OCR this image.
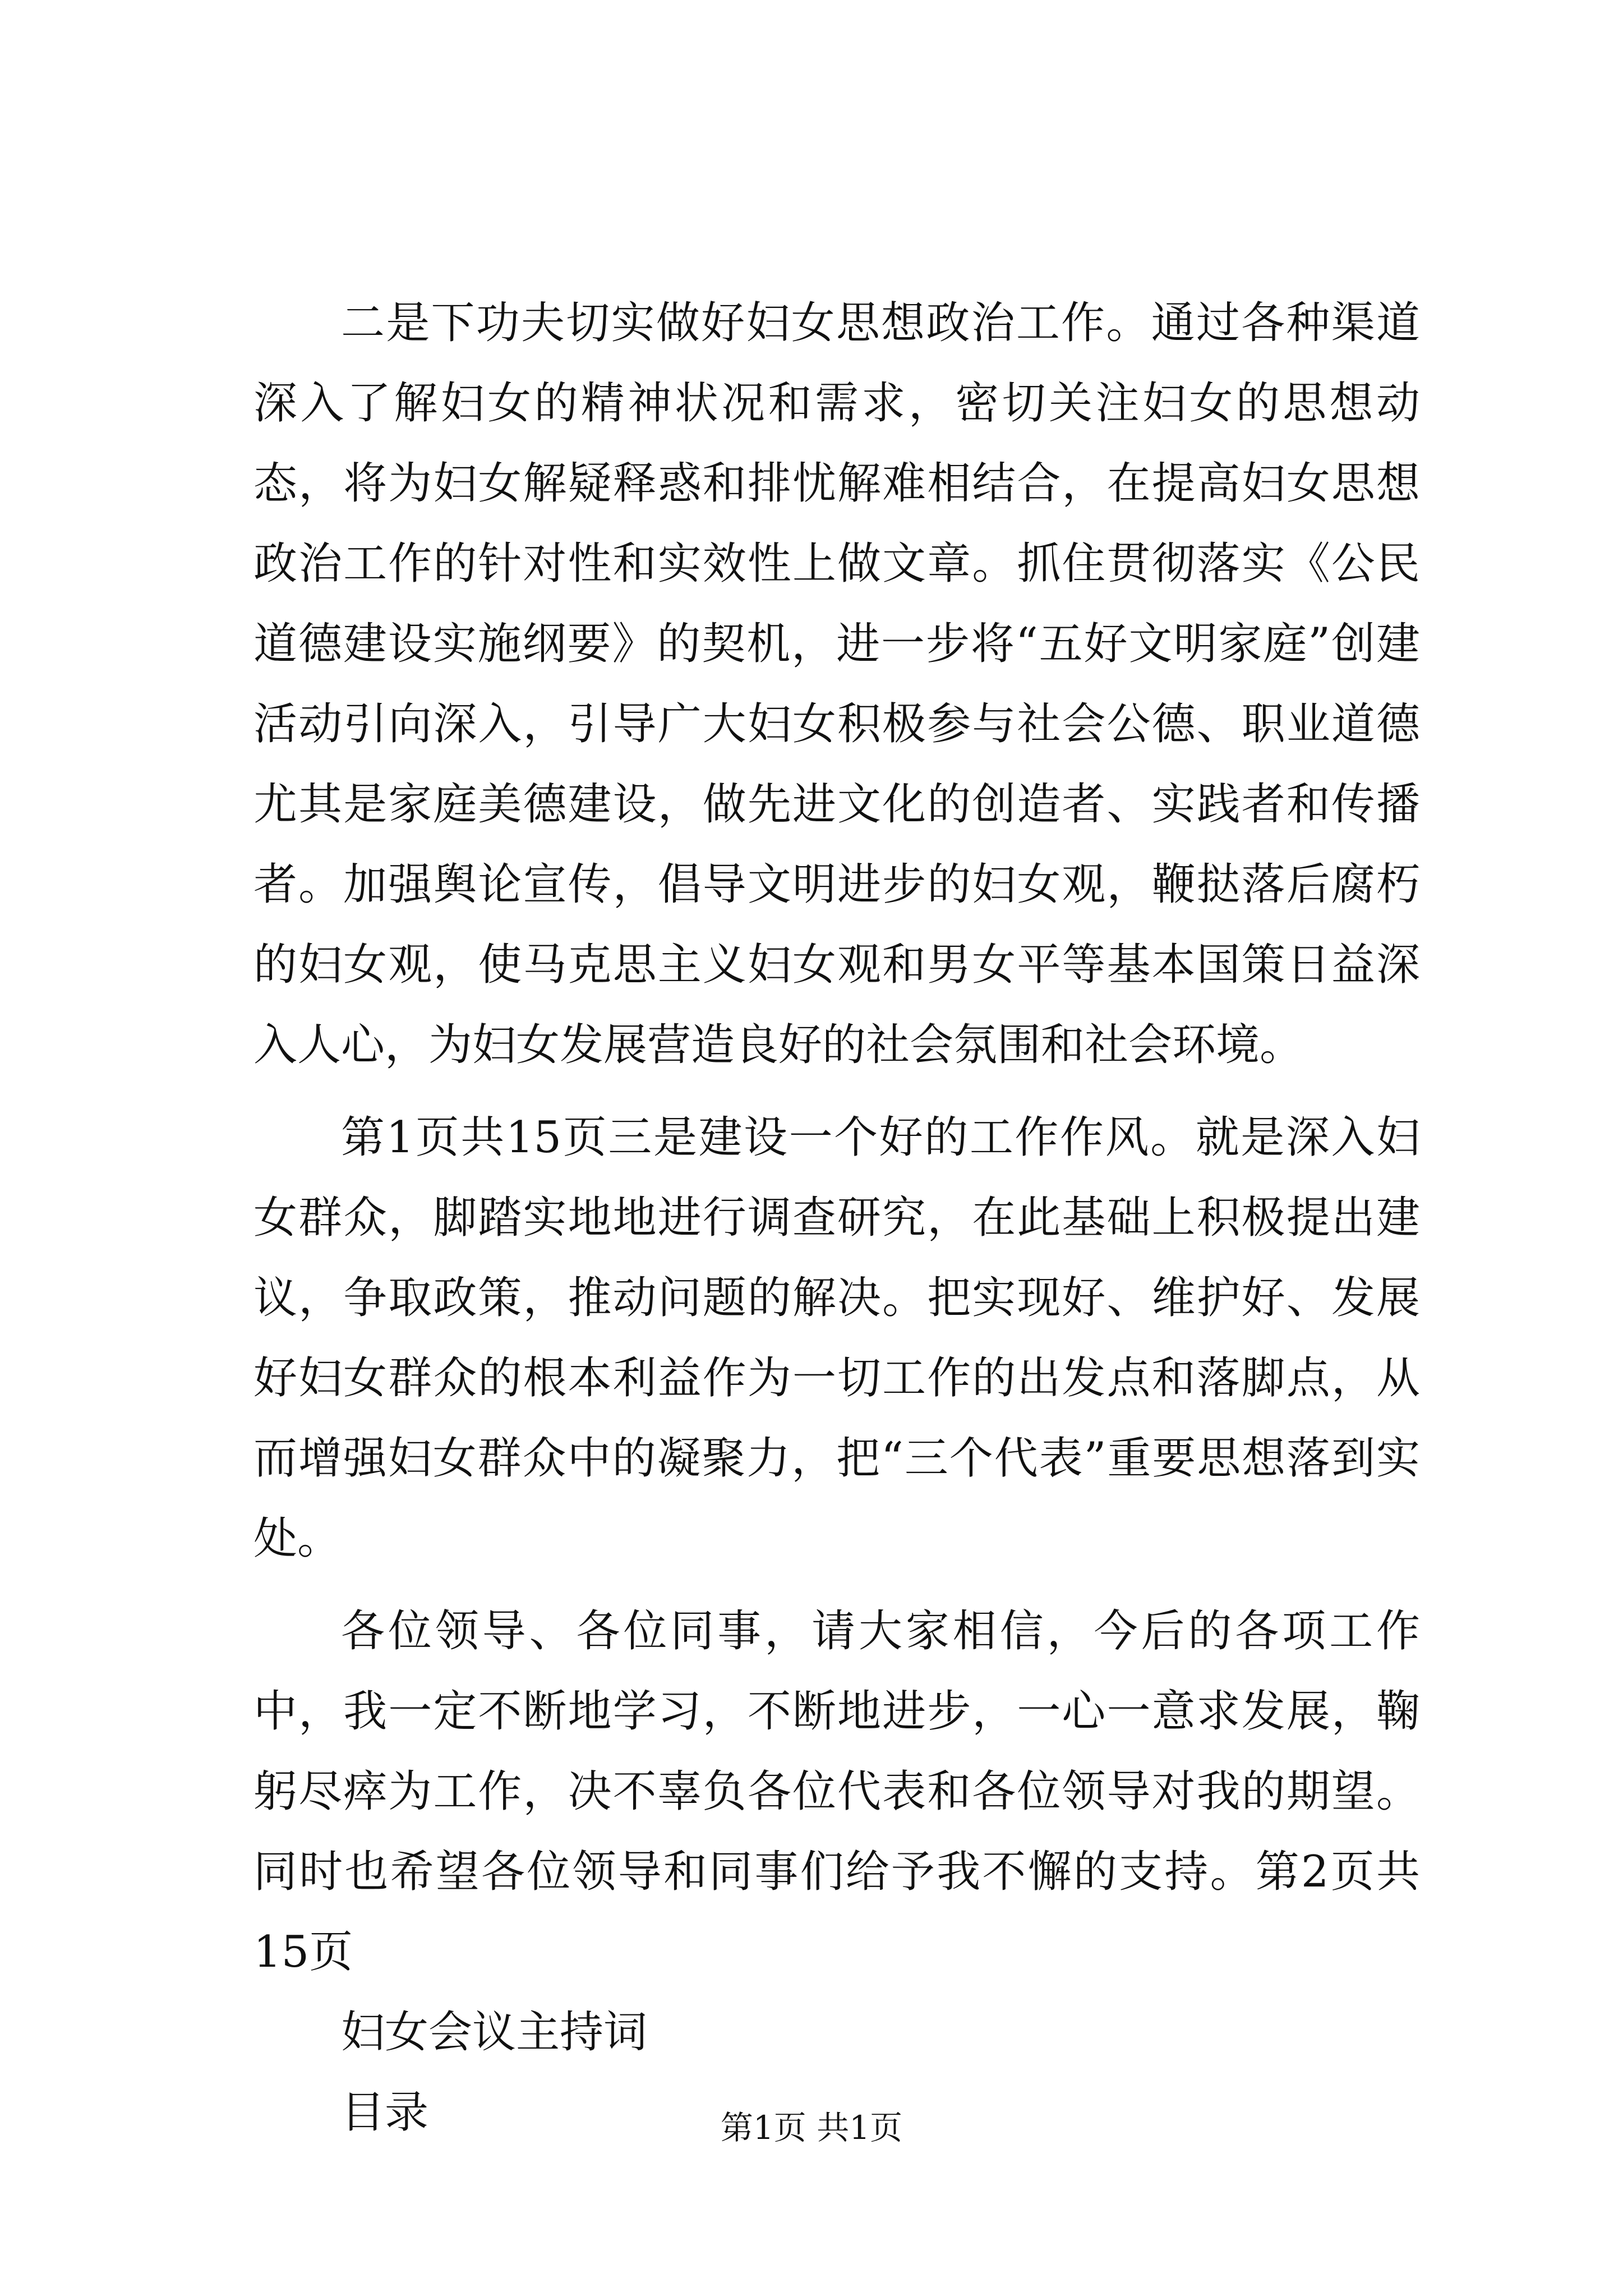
二是下功夫切实做好妇女思想政治工作。通过各种渠道深入了解妇女的精神状况和需求，密切关注妇女的思想动态，将为妇女解疑释惑和排忧解难相结合，在提高妇女思想政治工作的针对性和实效性上做文章。抓住贯彻落实《公民道德建设实施纲要》的契机，进一步将“五好文明家庭”创建活动引向深入，引导广大妇女积极参与社会公德、职业道德尤其是家庭美德建设，做先进文化的创造者、实践者和传播者。加强舆论宣传，倡导文明进步的妇女观，鞭挞落后腐朽的妇女观，使马克思主义妇女观和男女平等基本国策日益深入人心，为妇女发展营造良好的社会氛围和社会环境。

第1页共15页三是建设一个好的工作作风。就是深入妇女群众，脚踏实地地进行调查研究，在此基础上积极提出建议，争取政策，推动问题的解决。把实现好、维护好、发展好妇女群众的根本利益作为一切工作的出发点和落脚点，从而增强妇女群众中的凝聚力，把“三个代表”重要思想落到实处。

各位领导、各位同事，请大家相信，今后的各项工作中，我一定不断地学习，不断地进步，一心一意求发展，鞠躬尽瘁为工作，决不辜负各位代表和各位领导对我的期望。同时也希望各位领导和同事们给予我不懈的支持。第2页共15页

妇女会议主持词

目录	第1页 共1页
